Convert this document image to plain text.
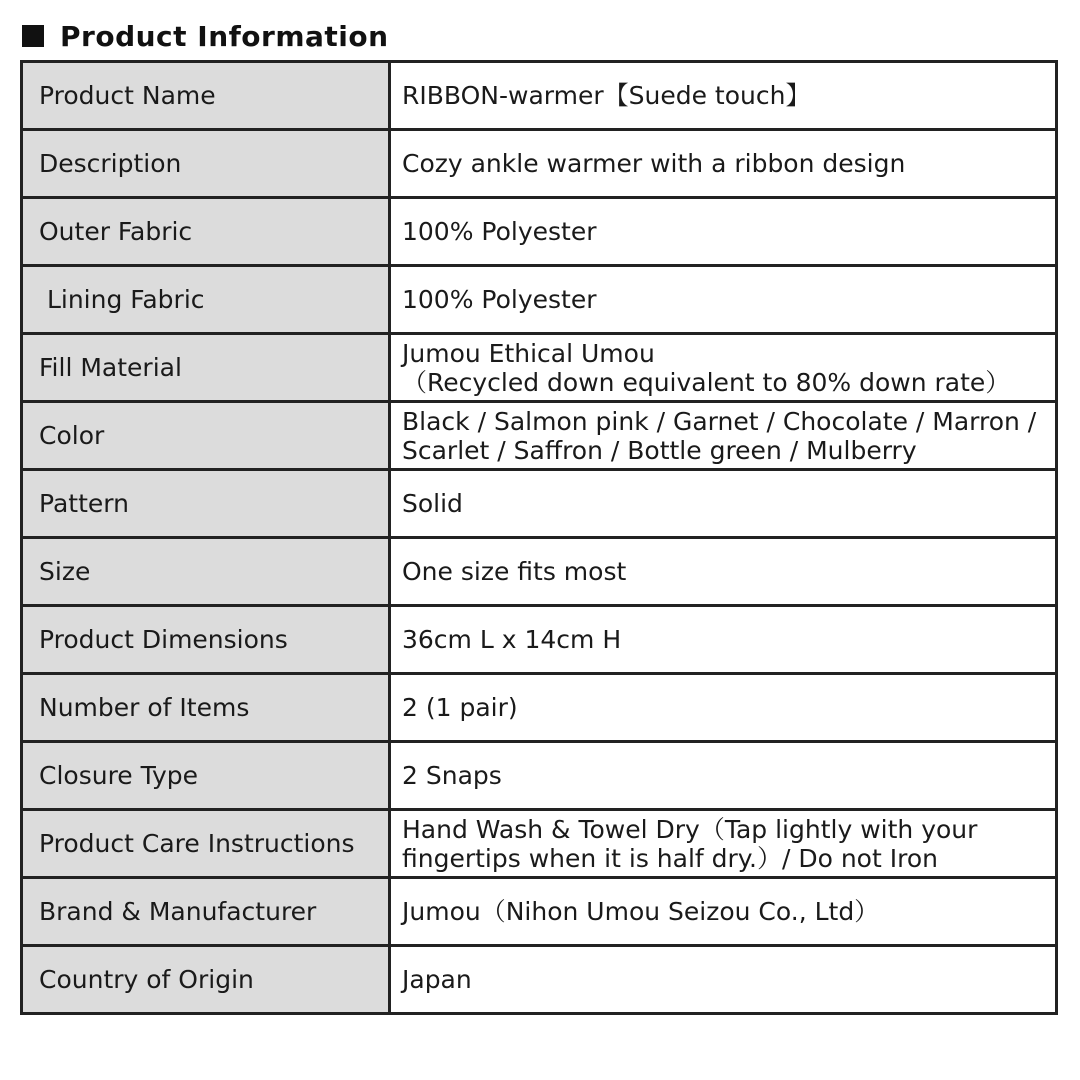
Product Information
Product Name	RIBBON-warmer【Suede touch】

Description	Cozy ankle warmer with a ribbon design

Outer Fabric	100% Polyester

Lining Fabric	100% Polyester

Fill Material	Jumou Ethical Umou
（Recycled down equivalent to 80% down rate）

Color	Black / Salmon pink / Garnet / Chocolate / Marron /
Scarlet / Saffron / Bottle green / Mulberry

Pattern	Solid

Size	One size fits most

Product Dimensions	36cm L x 14cm H

Number of Items	2 (1 pair)

Closure Type	2 Snaps

Product Care Instructions	Hand Wash & Towel Dry（Tap lightly with your
fingertips when it is half dry.）/ Do not Iron

Brand & Manufacturer	Jumou（Nihon Umou Seizou Co., Ltd）

Country of Origin	Japan
